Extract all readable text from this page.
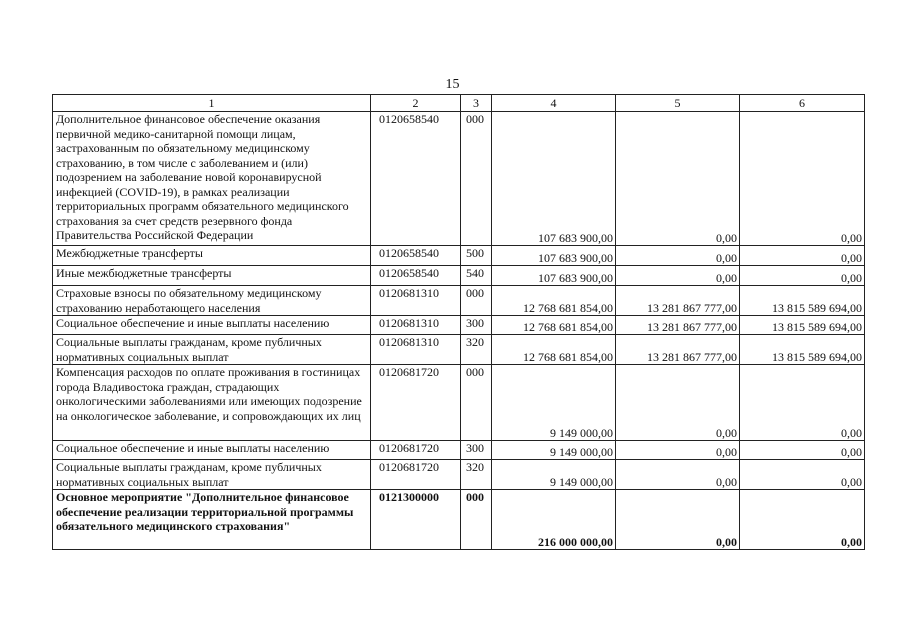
15
1	2	3	4	5	6
Дополнительное финансовое обеспечение оказания первичной медико-санитарной помощи лицам, застрахованным по обязательному медицинскому страхованию, в том числе с заболеванием и (или) подозрением на заболевание новой коронавирусной инфекцией (COVID-19), в рамках реализации территориальных программ обязательного медицинского страхования за счет средств резервного фонда Правительства Российской Федерации	0120658540	000	107 683 900,00	0,00	0,00
Межбюджетные трансферты	0120658540	500	107 683 900,00	0,00	0,00
Иные межбюджетные трансферты	0120658540	540	107 683 900,00	0,00	0,00
Страховые взносы по обязательному медицинскому страхованию неработающего населения	0120681310	000	12 768 681 854,00	13 281 867 777,00	13 815 589 694,00
Социальное обеспечение и иные выплаты населению	0120681310	300	12 768 681 854,00	13 281 867 777,00	13 815 589 694,00
Социальные выплаты гражданам, кроме публичных нормативных социальных выплат	0120681310	320	12 768 681 854,00	13 281 867 777,00	13 815 589 694,00
Компенсация расходов по оплате проживания в гостиницах города Владивостока граждан, страдающих онкологическими заболеваниями или имеющих подозрение на онкологическое заболевание, и сопровождающих их лиц	0120681720	000	9 149 000,00	0,00	0,00
Социальное обеспечение и иные выплаты населению	0120681720	300	9 149 000,00	0,00	0,00
Социальные выплаты гражданам, кроме публичных нормативных социальных выплат	0120681720	320	9 149 000,00	0,00	0,00
Основное мероприятие "Дополнительное финансовое обеспечение реализации территориальной программы обязательного медицинского страхования"	0121300000	000	216 000 000,00	0,00	0,00
